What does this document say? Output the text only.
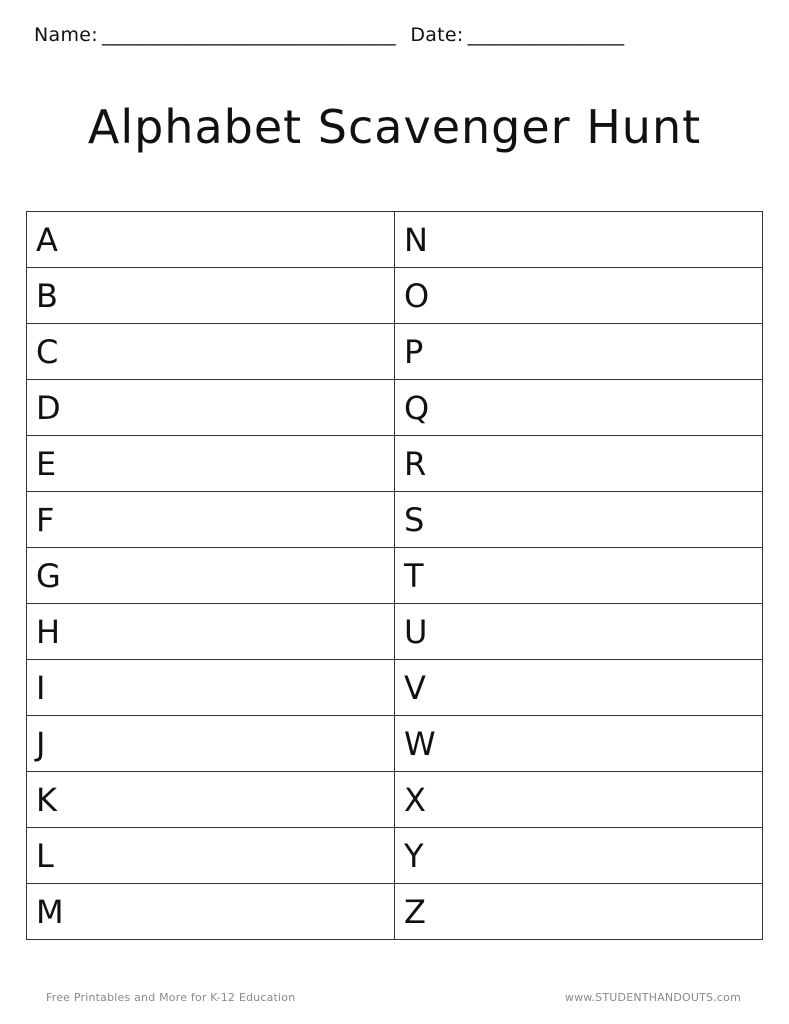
Name: ______________________________ Date: ________________
Alphabet Scavenger Hunt
A	N
B	O
C	P
D	Q
E	R
F	S
G	T
H	U
I	V
J	W
K	X
L	Y
M	Z
Free Printables and More for K-12 Education	www.STUDENTHANDOUTS.com
